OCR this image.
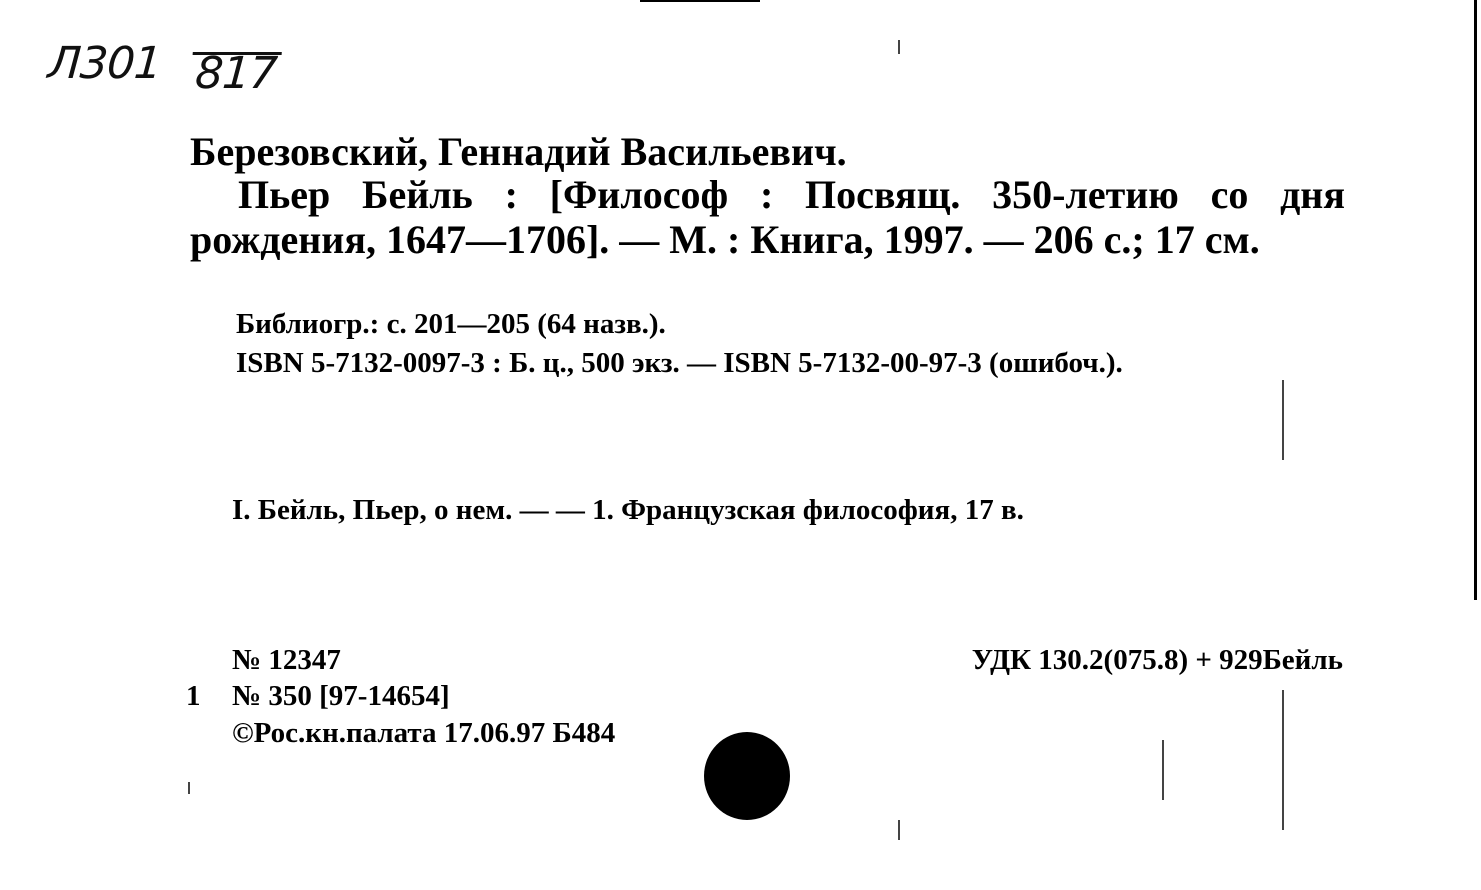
Л301 817
Березовский, Геннадий Васильевич.
Пьер Бейль : [Философ : Посвящ. 350-летию со дня рождения, 1647—1706]. — М. : Книга, 1997. — 206 с.; 17 см.
Библиогр.: с. 201—205 (64 назв.).
ISBN 5-7132-0097-3 : Б. ц., 500 экз. — ISBN 5-7132-00-97-3 (ошибоч.).
I. Бейль, Пьер, о нем. — — 1. Французская философия, 17 в.
№ 12347	УДК 130.2(075.8) + 929Бейль
1 № 350 [97-14654]
©Рос.кн.палата 17.06.97 Б484
